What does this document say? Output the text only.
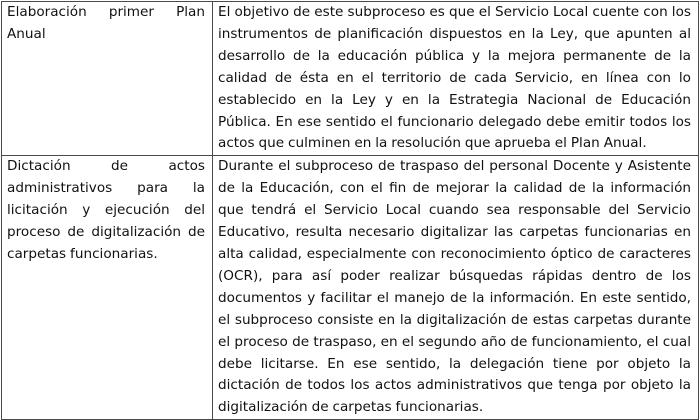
Elaboración primer Plan Anual	El objetivo de este subproceso es que el Servicio Local cuente con los instrumentos de planificación dispuestos en la Ley, que apunten al desarrollo de la educación pública y la mejora permanente de la calidad de ésta en el territorio de cada Servicio, en línea con lo establecido en la Ley y en la Estrategia Nacional de Educación Pública. En ese sentido el funcionario delegado debe emitir todos los actos que culminen en la resolución que aprueba el Plan Anual.

Dictación de actos administrativos para la licitación y ejecución del proceso de digitalización de carpetas funcionarias.	Durante el subproceso de traspaso del personal Docente y Asistente de la Educación, con el fin de mejorar la calidad de la información que tendrá el Servicio Local cuando sea responsable del Servicio Educativo, resulta necesario digitalizar las carpetas funcionarias en alta calidad, especialmente con reconocimiento óptico de caracteres (OCR), para así poder realizar búsquedas rápidas dentro de los documentos y facilitar el manejo de la información. En este sentido, el subproceso consiste en la digitalización de estas carpetas durante el proceso de traspaso, en el segundo año de funcionamiento, el cual debe licitarse. En ese sentido, la delegación tiene por objeto la dictación de todos los actos administrativos que tenga por objeto la digitalización de carpetas funcionarias.
